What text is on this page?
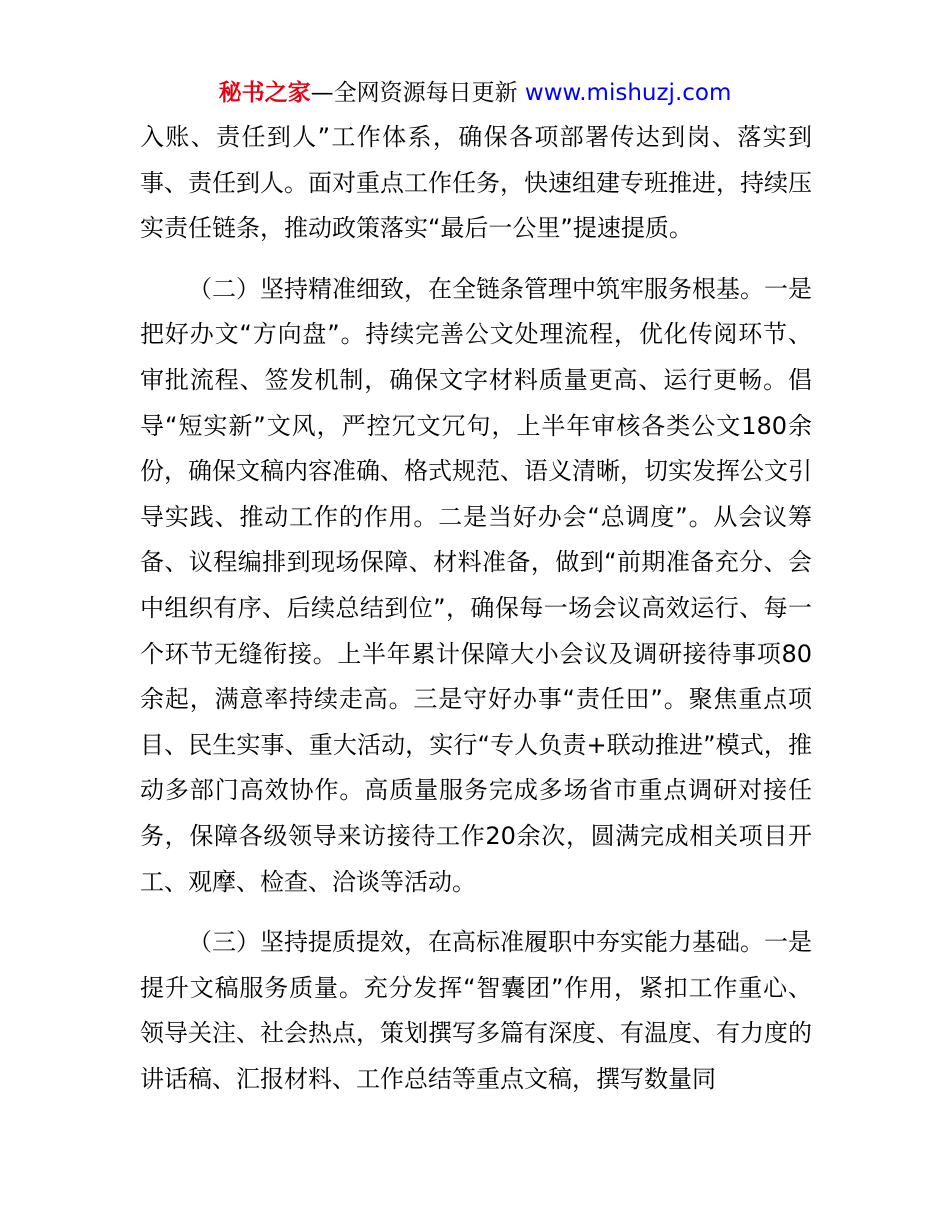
秘书之家—全网资源每日更新 www.mishuzj.com

入账、责任到人”工作体系，确保各项部署传达到岗、落实到事、责任到人。面对重点工作任务，快速组建专班推进，持续压实责任链条，推动政策落实“最后一公里”提速提质。

（二）坚持精准细致，在全链条管理中筑牢服务根基。一是把好办文“方向盘”。持续完善公文处理流程，优化传阅环节、审批流程、签发机制，确保文字材料质量更高、运行更畅。倡导“短实新”文风，严控冗文冗句，上半年审核各类公文180余份，确保文稿内容准确、格式规范、语义清晰，切实发挥公文引导实践、推动工作的作用。二是当好办会“总调度”。从会议筹备、议程编排到现场保障、材料准备，做到“前期准备充分、会中组织有序、后续总结到位”，确保每一场会议高效运行、每一个环节无缝衔接。上半年累计保障大小会议及调研接待事项80余起，满意率持续走高。三是守好办事“责任田”。聚焦重点项目、民生实事、重大活动，实行“专人负责+联动推进”模式，推动多部门高效协作。高质量服务完成多场省市重点调研对接任务，保障各级领导来访接待工作20余次，圆满完成相关项目开工、观摩、检查、洽谈等活动。

（三）坚持提质提效，在高标准履职中夯实能力基础。一是提升文稿服务质量。充分发挥“智囊团”作用，紧扣工作重心、领导关注、社会热点，策划撰写多篇有深度、有温度、有力度的讲话稿、汇报材料、工作总结等重点文稿，撰写数量同
